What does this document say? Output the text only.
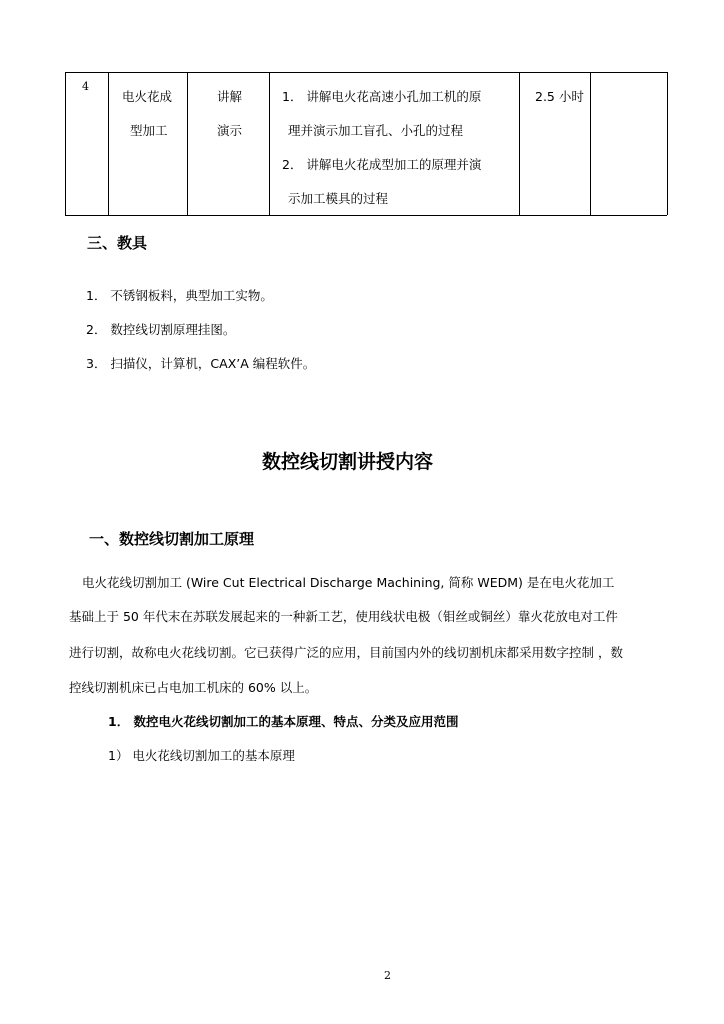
4
电火花成
型加工
讲解
演示
1． 讲解电火花高速小孔加工机的原
理并演示加工盲孔、小孔的过程
2． 讲解电火花成型加工的原理并演
示加工模具的过程
2.5 小时
三、教具
1． 不锈钢板料，典型加工实物。
2． 数控线切割原理挂图。
3． 扫描仪，计算机，CAX’A 编程软件。
数控线切割讲授内容
一、数控线切割加工原理
电火花线切割加工 (Wire Cut Electrical Discharge Machining, 简称 WEDM) 是在电火花加工
基础上于 50 年代末在苏联发展起来的一种新工艺，使用线状电极（钼丝或铜丝）靠火花放电对工件
进行切割，故称电火花线切割。它已获得广泛的应用，目前国内外的线切割机床都采用数字控制 ，数
控线切割机床已占电加工机床的 60% 以上。
1． 数控电火花线切割加工的基本原理、特点、分类及应用范围
1） 电火花线切割加工的基本原理
2
